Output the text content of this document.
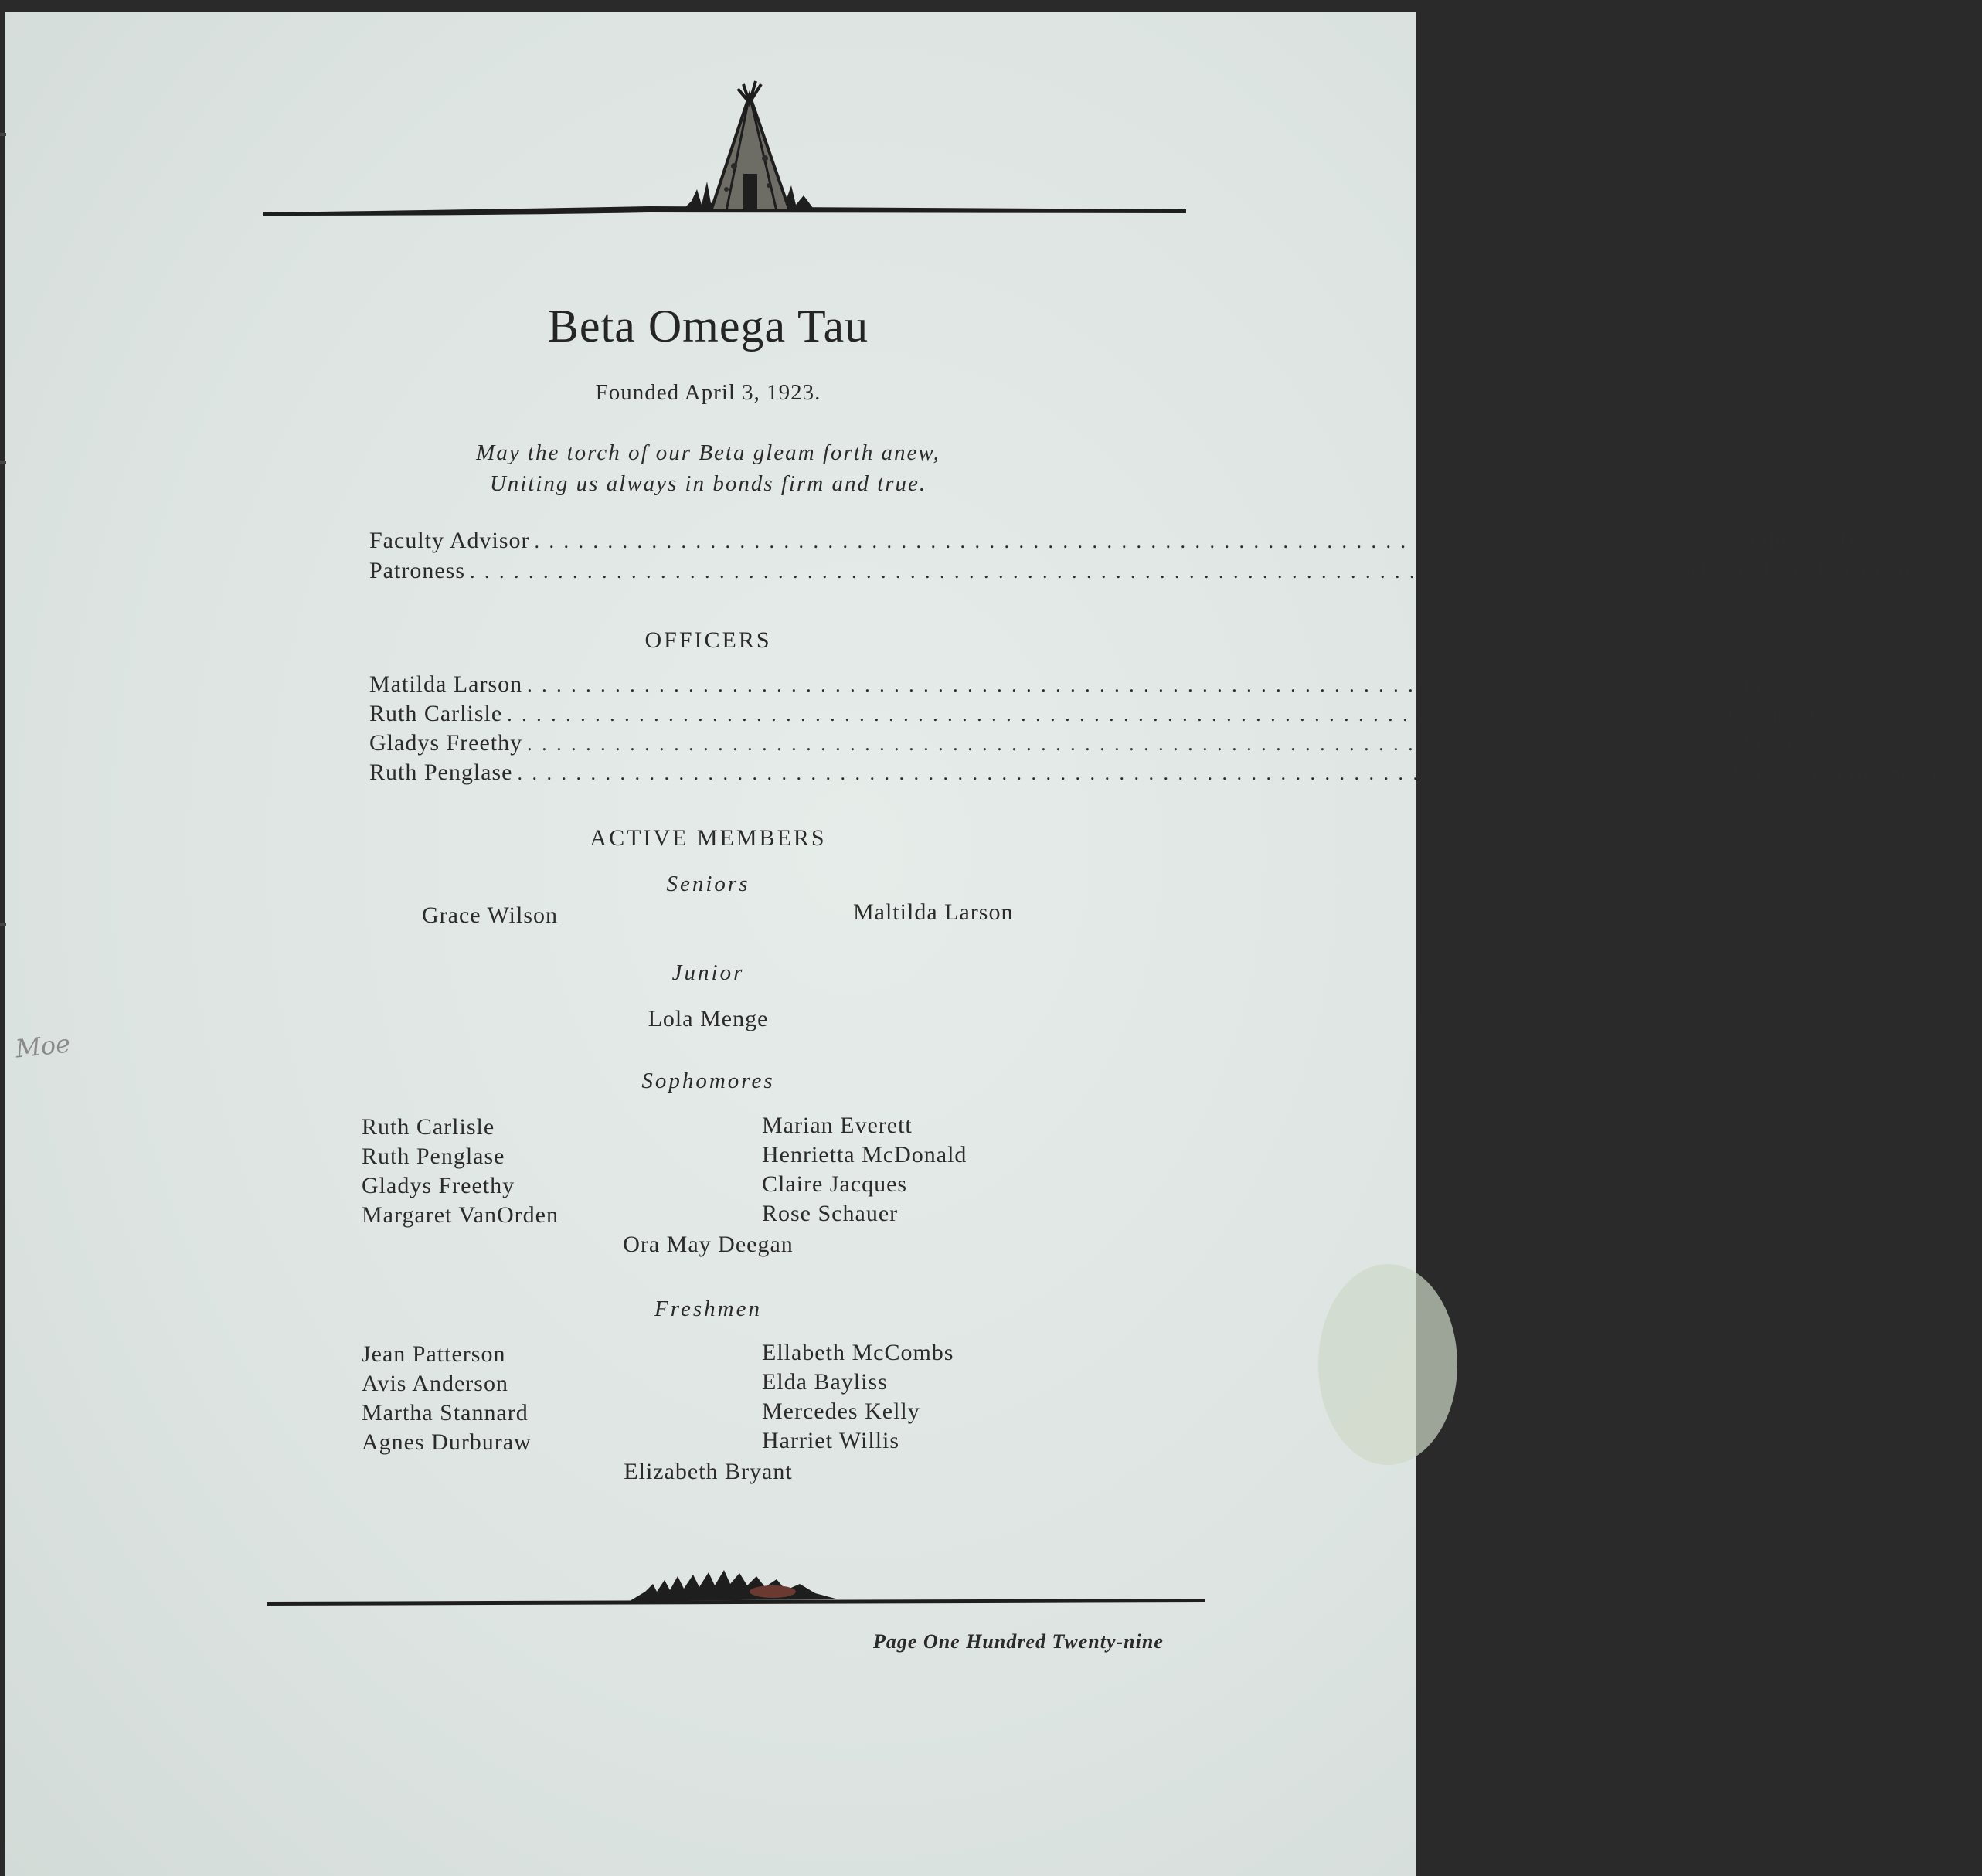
Beta Omega Tau
Founded April 3, 1923.
May the torch of our Beta gleam forth anew,
Uniting us always in bonds firm and true.
Faculty Advisor . . . . . . . . . . . . . . . . . . . . . . . . . . . . . . . . . . . . . . . . . . . . . . . . . . . . . . . . . . . . . . . . . . . . . . . . . . . . . . . . . . . Olga M. Hoesley
Patroness . . . . . . . . . . . . . . . . . . . . . . . . . . . . . . . . . . . . . . . . . . . . . . . . . . . . . . . . . . . . . . . . . . . . . . . . . . . . . . . . . . . Mrs. Gilbert L. Brown
OFFICERS
Matilda Larson . . . . . . . . . . . . . . . . . . . . . . . . . . . . . . . . . . . . . . . . . . . . . . . . . . . . . . . . . . . . . . . . . . . . . . . . . . . . . . . . . . . President
Ruth Carlisle . . . . . . . . . . . . . . . . . . . . . . . . . . . . . . . . . . . . . . . . . . . . . . . . . . . . . . . . . . . . . . . . . . . . . . . . . . . . . . . . . . . Treasurer
Gladys Freethy . . . . . . . . . . . . . . . . . . . . . . . . . . . . . . . . . . . . . . . . . . . . . . . . . . . . . . . . . . . . . . . . . . . . . . . . . . . . . . . . . . . Secretary
Ruth Penglase . . . . . . . . . . . . . . . . . . . . . . . . . . . . . . . . . . . . . . . . . . . . . . . . . . . . . . . . . . . . . . . . . . . . . . . . . . . . . . . . . . . Corresponding Secretary
ACTIVE MEMBERS
Seniors
Grace Wilson	Maltilda Larson
Junior
Lola Menge
Sophomores
Ruth Carlisle
Ruth Penglase
Gladys Freethy
Margaret VanOrden
Marian Everett
Henrietta McDonald
Claire Jacques
Rose Schauer
Ora May Deegan
Freshmen
Jean Patterson
Avis Anderson
Martha Stannard
Agnes Durburaw
Ellabeth McCombs
Elda Bayliss
Mercedes Kelly
Harriet Willis
Elizabeth Bryant
Page One Hundred Twenty-nine
Moe
